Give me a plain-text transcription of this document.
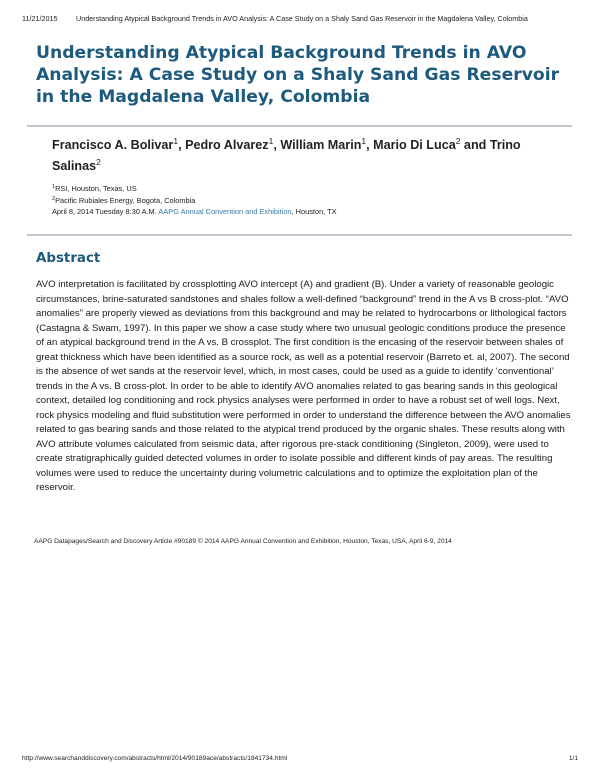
11/21/2015	Understanding Atypical Background Trends in AVO Analysis: A Case Study on a Shaly Sand Gas Reservoir in the Magdalena Valley, Colombia
Understanding Atypical Background Trends in AVO Analysis: A Case Study on a Shaly Sand Gas Reservoir in the Magdalena Valley, Colombia
Francisco A. Bolivar$^1$, Pedro Alvarez$^1$, William Marin$^1$, Mario Di Luca$^2$ and Trino Salinas$^2$
$^1$RSI, Houston, Texas, US
$^2$Pacific Rubiales Energy, Bogota, Colombia
April 8, 2014 Tuesday 8:30 A.M. AAPG Annual Convention and Exhibition, Houston, TX
Abstract

AVO interpretation is facilitated by crossplotting AVO intercept (A) and gradient (B). Under a variety of reasonable geologic circumstances, brine-saturated sandstones and shales follow a well-defined “background” trend in the A vs B cross-plot. “AVO anomalies” are properly viewed as deviations from this background and may be related to hydrocarbons or lithological factors (Castagna & Swam, 1997). In this paper we show a case study where two unusual geologic conditions produce the presence of an atypical background trend in the A vs. B crossplot. The first condition is the encasing of the reservoir between shales of great thickness which have been identified as a source rock, as well as a potential reservoir (Barreto et. al, 2007). The second is the absence of wet sands at the reservoir level, which, in most cases, could be used as a guide to identify ‘conventional’ trends in the A vs. B cross-plot. In order to be able to identify AVO anomalies related to gas bearing sands in this geological context, detailed log conditioning and rock physics analyses were performed in order to have a robust set of well logs. Next, rock physics modeling and fluid substitution were performed in order to understand the difference between the AVO anomalies related to gas bearing sands and those related to the atypical trend produced by the organic shales. These results along with AVO attribute volumes calculated from seismic data, after rigorous pre-stack conditioning (Singleton, 2009), were used to create stratigraphically guided detected volumes in order to isolate possible and different kinds of pay areas. The resulting volumes were used to reduce the uncertainty during volumetric calculations and to optimize the exploitation plan of the reservoir.

AAPG Datapages/Search and Discovery Article #90189 © 2014 AAPG Annual Convention and Exhibition, Houston, Texas, USA, April 6-9, 2014
http://www.searchanddiscovery.com/abstracts/html/2014/90189ace/abstracts/1841734.html	1/1
